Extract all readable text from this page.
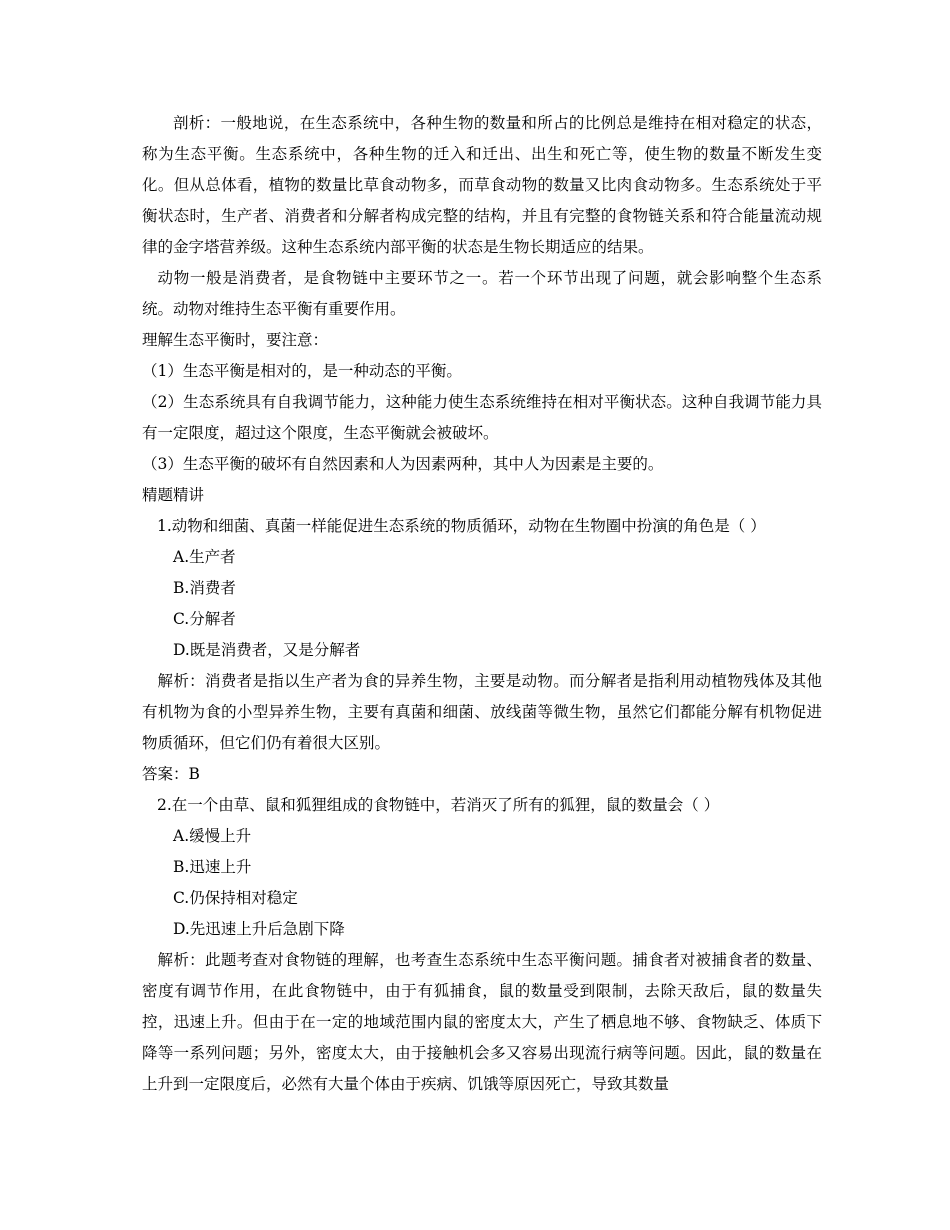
剖析：一般地说，在生态系统中，各种生物的数量和所占的比例总是维持在相对稳定的状态，称为生态平衡。生态系统中，各种生物的迁入和迁出、出生和死亡等，使生物的数量不断发生变化。但从总体看，植物的数量比草食动物多，而草食动物的数量又比肉食动物多。生态系统处于平衡状态时，生产者、消费者和分解者构成完整的结构，并且有完整的食物链关系和符合能量流动规律的金字塔营养级。这种生态系统内部平衡的状态是生物长期适应的结果。

动物一般是消费者，是食物链中主要环节之一。若一个环节出现了问题，就会影响整个生态系统。动物对维持生态平衡有重要作用。

理解生态平衡时，要注意：

（1）生态平衡是相对的，是一种动态的平衡。

（2）生态系统具有自我调节能力，这种能力使生态系统维持在相对平衡状态。这种自我调节能力具有一定限度，超过这个限度，生态平衡就会被破坏。

（3）生态平衡的破坏有自然因素和人为因素两种，其中人为因素是主要的。

精题精讲

1.动物和细菌、真菌一样能促进生态系统的物质循环，动物在生物圈中扮演的角色是（ ）

A.生产者

B.消费者

C.分解者

D.既是消费者，又是分解者

解析：消费者是指以生产者为食的异养生物，主要是动物。而分解者是指利用动植物残体及其他有机物为食的小型异养生物，主要有真菌和细菌、放线菌等微生物，虽然它们都能分解有机物促进物质循环，但它们仍有着很大区别。

答案：B

2.在一个由草、鼠和狐狸组成的食物链中，若消灭了所有的狐狸，鼠的数量会（ ）

A.缓慢上升

B.迅速上升

C.仍保持相对稳定

D.先迅速上升后急剧下降

解析：此题考查对食物链的理解，也考查生态系统中生态平衡问题。捕食者对被捕食者的数量、密度有调节作用，在此食物链中，由于有狐捕食，鼠的数量受到限制，去除天敌后，鼠的数量失控，迅速上升。但由于在一定的地域范围内鼠的密度太大，产生了栖息地不够、食物缺乏、体质下降等一系列问题；另外，密度太大，由于接触机会多又容易出现流行病等问题。因此，鼠的数量在上升到一定限度后，必然有大量个体由于疾病、饥饿等原因死亡，导致其数量
